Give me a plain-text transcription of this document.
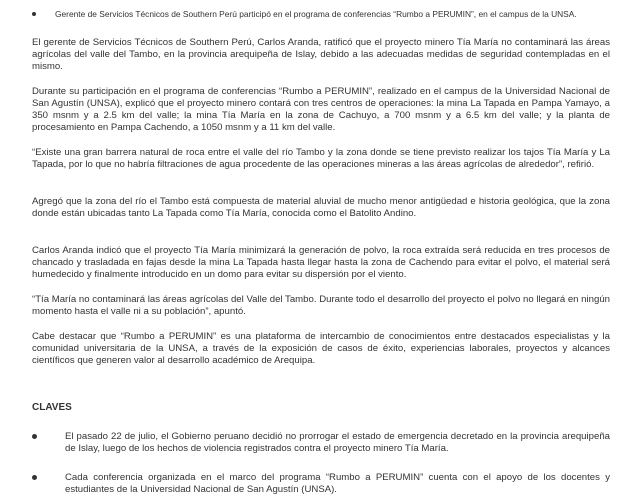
Gerente de Servicios Técnicos de Southern Perú participó en el programa de conferencias “Rumbo a PERUMIN”, en el campus de la UNSA.

El gerente de Servicios Técnicos de Southern Perú, Carlos Aranda, ratificó que el proyecto minero Tía María no contaminará las áreas agrícolas del valle del Tambo, en la provincia arequipeña de Islay, debido a las adecuadas medidas de seguridad contempladas en el mismo.

Durante su participación en el programa de conferencias “Rumbo a PERUMIN”, realizado en el campus de la Universidad Nacional de San Agustín (UNSA), explicó que el proyecto minero contará con tres centros de operaciones: la mina La Tapada en Pampa Yamayo, a 350 msnm y a 2.5 km del valle; la mina Tía María en la zona de Cachuyo, a 700 msnm y a 6.5 km del valle; y la planta de procesamiento en Pampa Cachendo, a 1050 msnm y a 11 km del valle.

“Existe una gran barrera natural de roca entre el valle del río Tambo y la zona donde se tiene previsto realizar los tajos Tía María y La Tapada, por lo que no habría filtraciones de agua procedente de las operaciones mineras a las áreas agrícolas de alrededor”, refirió.

Agregó que la zona del río el Tambo está compuesta de material aluvial de mucho menor antigüedad e historia geológica, que la zona donde están ubicadas tanto La Tapada como Tía María, conocida como el Batolito Andino.

Carlos Aranda indicó que el proyecto Tía María minimizará la generación de polvo, la roca extraída será reducida en tres procesos de chancado y trasladada en fajas desde la mina La Tapada hasta llegar hasta la zona de Cachendo para evitar el polvo, el material será humedecido y finalmente introducido en un domo para evitar su dispersión por el viento.

“Tía María no contaminará las áreas agrícolas del Valle del Tambo. Durante todo el desarrollo del proyecto el polvo no llegará en ningún momento hasta el valle ni a su población”, apuntó.

Cabe destacar que “Rumbo a PERUMIN” es una plataforma de intercambio de conocimientos entre destacados especialistas y la comunidad universitaria de la UNSA, a través de la exposición de casos de éxito, experiencias laborales, proyectos y alcances científicos que generen valor al desarrollo académico de Arequipa.

CLAVES
El pasado 22 de julio, el Gobierno peruano decidió no prorrogar el estado de emergencia decretado en la provincia arequipeña de Islay, luego de los hechos de violencia registrados contra el proyecto minero Tía María.
Cada conferencia organizada en el marco del programa “Rumbo a PERUMIN” cuenta con el apoyo de los docentes y estudiantes de la Universidad Nacional de San Agustín (UNSA).
